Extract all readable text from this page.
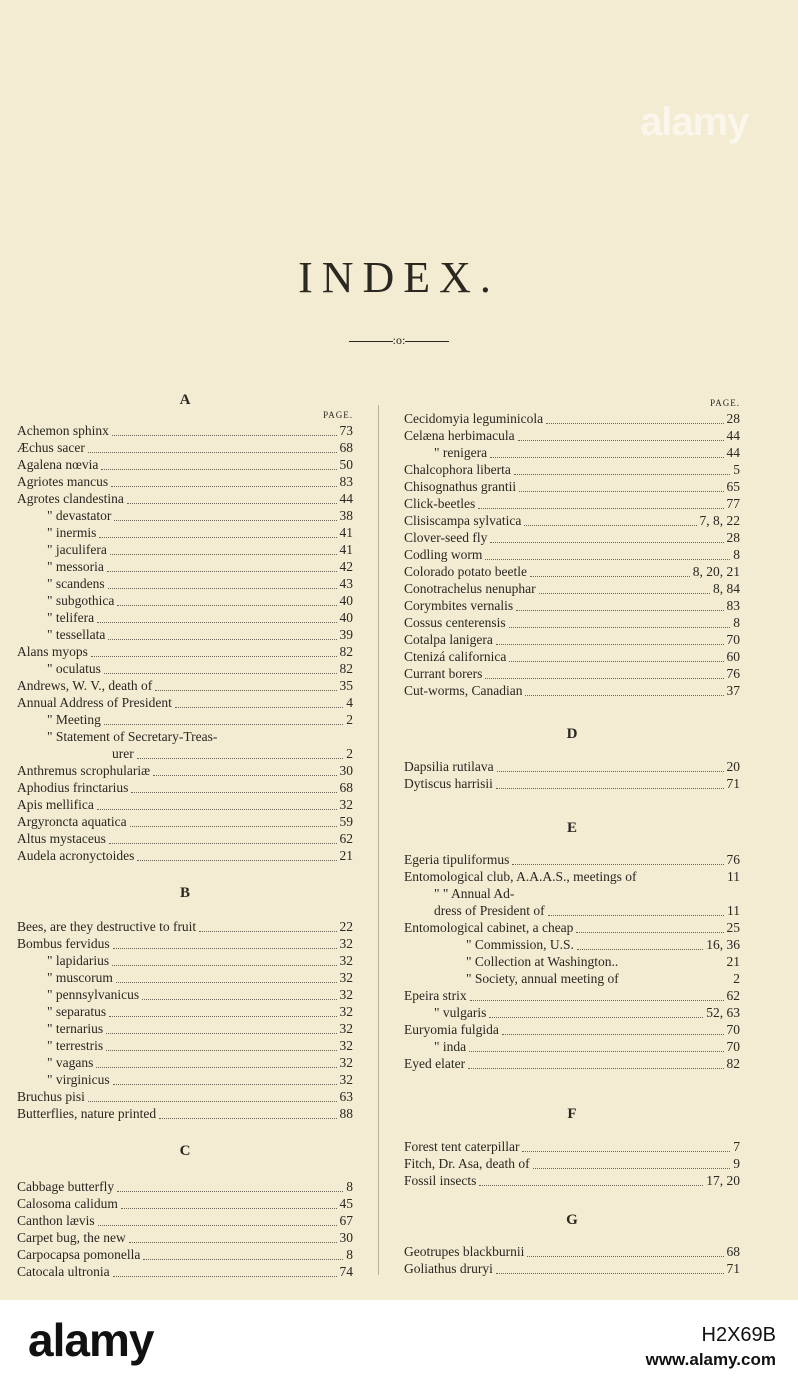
alamy
INDEX.
:o:
A
PAGE.
Achemon sphinx	73
Æchus sacer	68
Agalena nœvia	50
Agriotes mancus	83
Agrotes clandestina	44
" devastator	38
" inermis	41
" jaculifera	41
" messoria	42
" scandens	43
" subgothica	40
" telifera	40
" tessellata	39
Alans myops	82
" oculatus	82
Andrews, W. V., death of	35
Annual Address of President	4
" Meeting	2
" Statement of Secretary-Treas-
urer	2
Anthremus scrophulariæ	30
Aphodius frinctarius	68
Apis mellifica	32
Argyroncta aquatica	59
Altus mystaceus	62
Audela acronyctoides	21
B
Bees, are they destructive to fruit	22
Bombus fervidus	32
" lapidarius	32
" muscorum	32
" pennsylvanicus	32
" separatus	32
" ternarius	32
" terrestris	32
" vagans	32
" virginicus	32
Bruchus pisi	63
Butterflies, nature printed	88
C
Cabbage butterfly	8
Calosoma calidum	45
Canthon lævis	67
Carpet bug, the new	30
Carpocapsa pomonella	8
Catocala ultronia	74
PAGE.
Cecidomyia leguminicola	28
Celæna herbimacula	44
" renigera	44
Chalcophora liberta	5
Chisognathus grantii	65
Click-beetles	77
Clisiscampa sylvatica	7, 8, 22
Clover-seed fly	28
Codling worm	8
Colorado potato beetle	8, 20, 21
Conotrachelus nenuphar	8, 84
Corymbites vernalis	83
Cossus centerensis	8
Cotalpa lanigera	70
Ctenizá californica	60
Currant borers	76
Cut-worms, Canadian	37
D
Dapsilia rutilava	20
Dytiscus harrisii	71
E
Egeria tipuliformus	76
Entomological club, A.A.A.S., meetings of	11
" " Annual Ad-
dress of President of	11
Entomological cabinet, a cheap	25
" Commission, U.S.	16, 36
" Collection at Washington..	21
" Society, annual meeting of	2
Epeira strix	62
" vulgaris	52, 63
Euryomia fulgida	70
" inda	70
Eyed elater	82
F
Forest tent caterpillar	7
Fitch, Dr. Asa, death of	9
Fossil insects	17, 20
G
Geotrupes blackburnii	68
Goliathus druryi	71
alamy	H2X69B
www.alamy.com
